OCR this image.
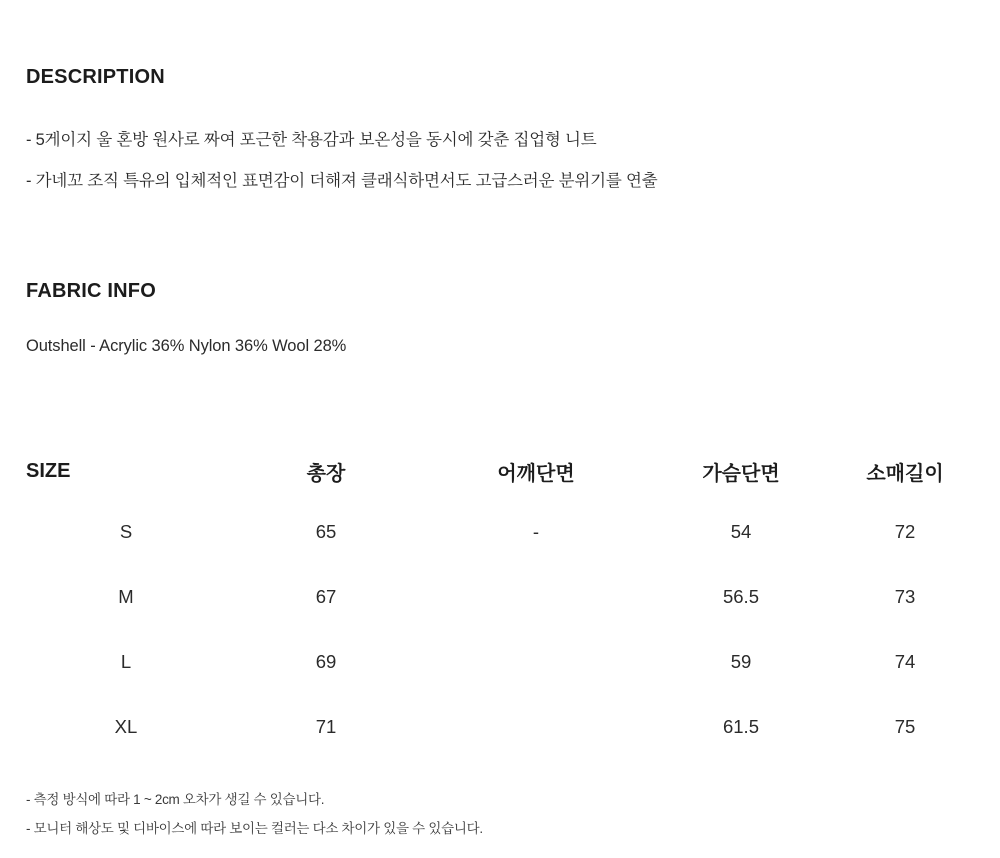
DESCRIPTION
- 5게이지 울 혼방 원사로 짜여 포근한 착용감과 보온성을 동시에 갖춘 집업형 니트
- 가네꼬 조직 특유의 입체적인 표면감이 더해져 클래식하면서도 고급스러운 분위기를 연출
FABRIC INFO
Outshell - Acrylic 36% Nylon 36% Wool 28%
SIZE	총장	어깨단면	가슴단면	소매길이
S	65	-	54	72
M	67		56.5	73
L	69		59	74
XL	71		61.5	75
- 측정 방식에 따라 1 ~ 2cm 오차가 생길 수 있습니다.
- 모니터 해상도 및 디바이스에 따라 보이는 컬러는 다소 차이가 있을 수 있습니다.
